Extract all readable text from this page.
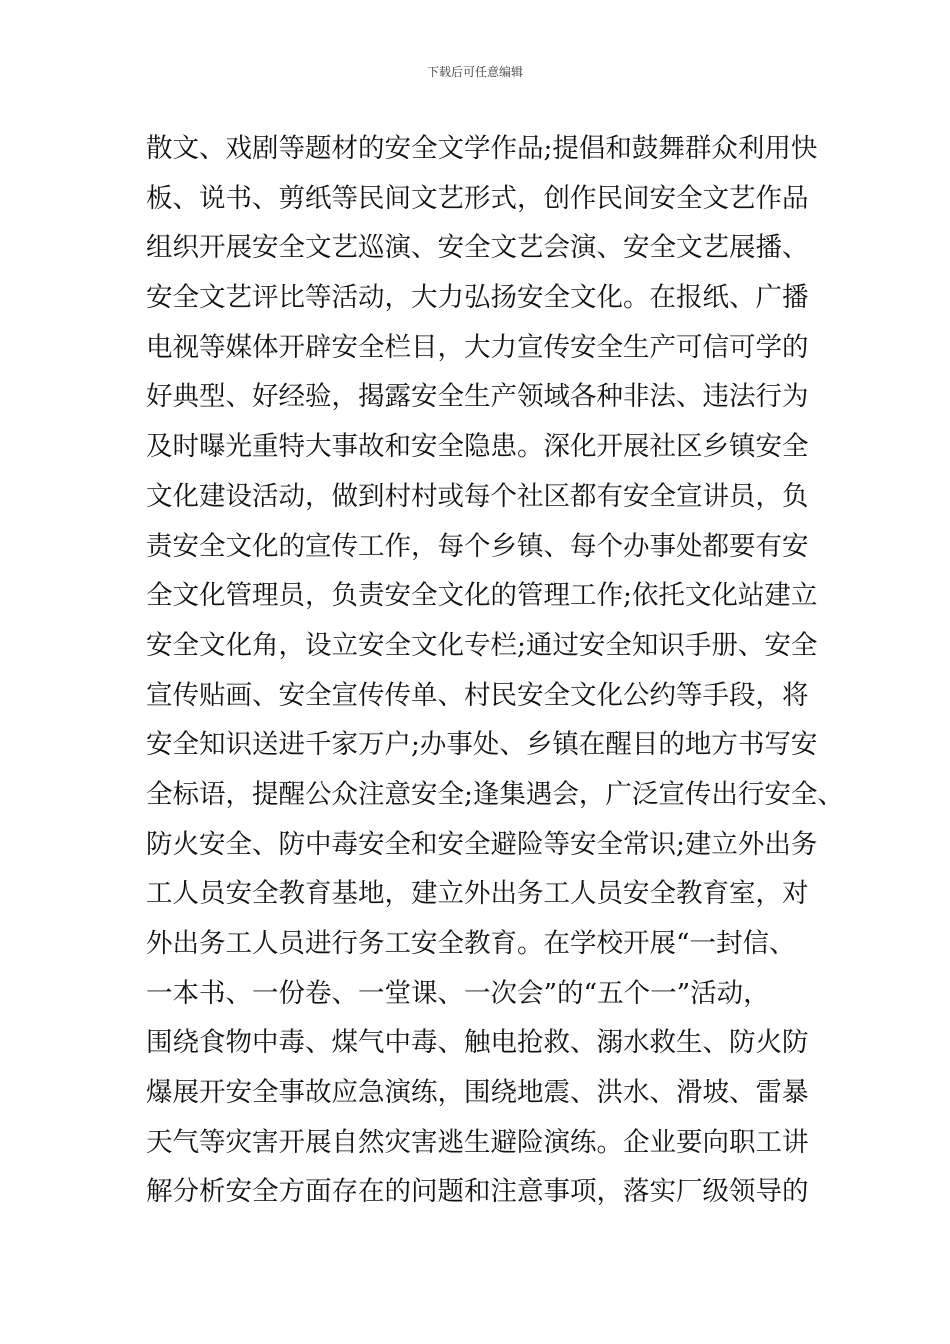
下载后可任意编辑
散文、戏剧等题材的安全文学作品;提倡和鼓舞群众利用快
板、说书、剪纸等民间文艺形式，创作民间安全文艺作品
组织开展安全文艺巡演、安全文艺会演、安全文艺展播、
安全文艺评比等活动，大力弘扬安全文化。在报纸、广播
电视等媒体开辟安全栏目，大力宣传安全生产可信可学的
好典型、好经验，揭露安全生产领域各种非法、违法行为
及时曝光重特大事故和安全隐患。深化开展社区乡镇安全
文化建设活动，做到村村或每个社区都有安全宣讲员，负
责安全文化的宣传工作，每个乡镇、每个办事处都要有安
全文化管理员，负责安全文化的管理工作;依托文化站建立
安全文化角，设立安全文化专栏;通过安全知识手册、安全
宣传贴画、安全宣传传单、村民安全文化公约等手段，将
安全知识送进千家万户;办事处、乡镇在醒目的地方书写安
全标语，提醒公众注意安全;逢集遇会，广泛宣传出行安全、
防火安全、防中毒安全和安全避险等安全常识;建立外出务
工人员安全教育基地，建立外出务工人员安全教育室，对
外出务工人员进行务工安全教育。在学校开展“一封信、
一本书、一份卷、一堂课、一次会”的“五个一”活动，
围绕食物中毒、煤气中毒、触电抢救、溺水救生、防火防
爆展开安全事故应急演练，围绕地震、洪水、滑坡、雷暴
天气等灾害开展自然灾害逃生避险演练。企业要向职工讲
解分析安全方面存在的问题和注意事项，落实厂级领导的
